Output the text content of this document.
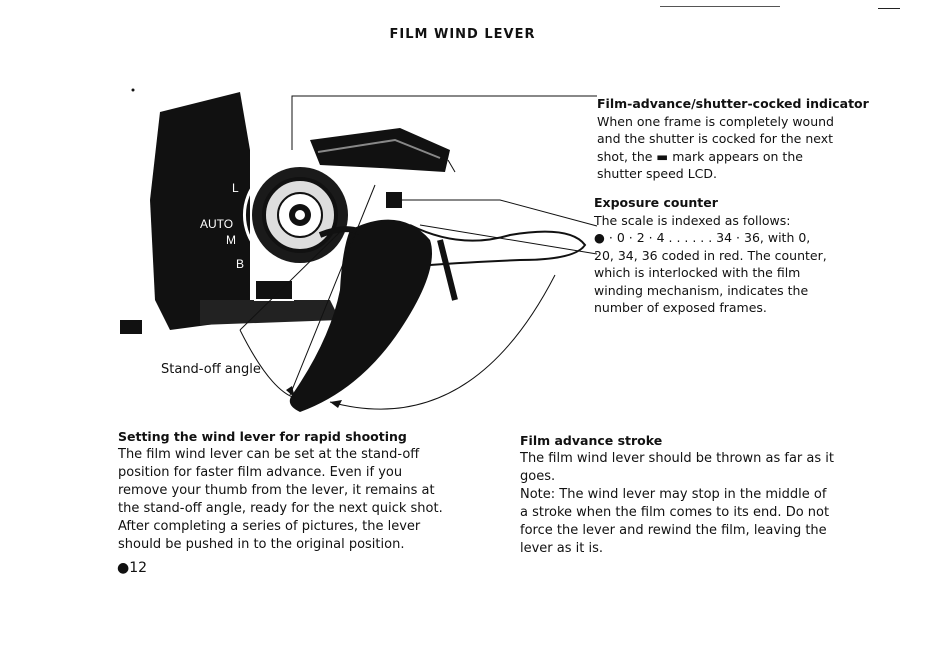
FILM WIND LEVER
L
AUTO
M
B
Film-advance/shutter-cocked indicator
When one frame is completely wound
and the shutter is cocked for the next
shot, the ▬ mark appears on the
shutter speed LCD.
Exposure counter
The scale is indexed as follows:
● · 0 · 2 · 4 . . . . . . 34 · 36, with 0,
20, 34, 36 coded in red. The counter,
which is interlocked with the film
winding mechanism, indicates the
number of exposed frames.
Stand-off angle
Setting the wind lever for rapid shooting
The film wind lever can be set at the stand-off
position for faster film advance. Even if you
remove your thumb from the lever, it remains at
the stand-off angle, ready for the next quick shot.
After completing a series of pictures, the lever
should be pushed in to the original position.
Film advance stroke
The film wind lever should be thrown as far as it
goes.
Note: The wind lever may stop in the middle of
a stroke when the film comes to its end. Do not
force the lever and rewind the film, leaving the
lever as it is.
●12
